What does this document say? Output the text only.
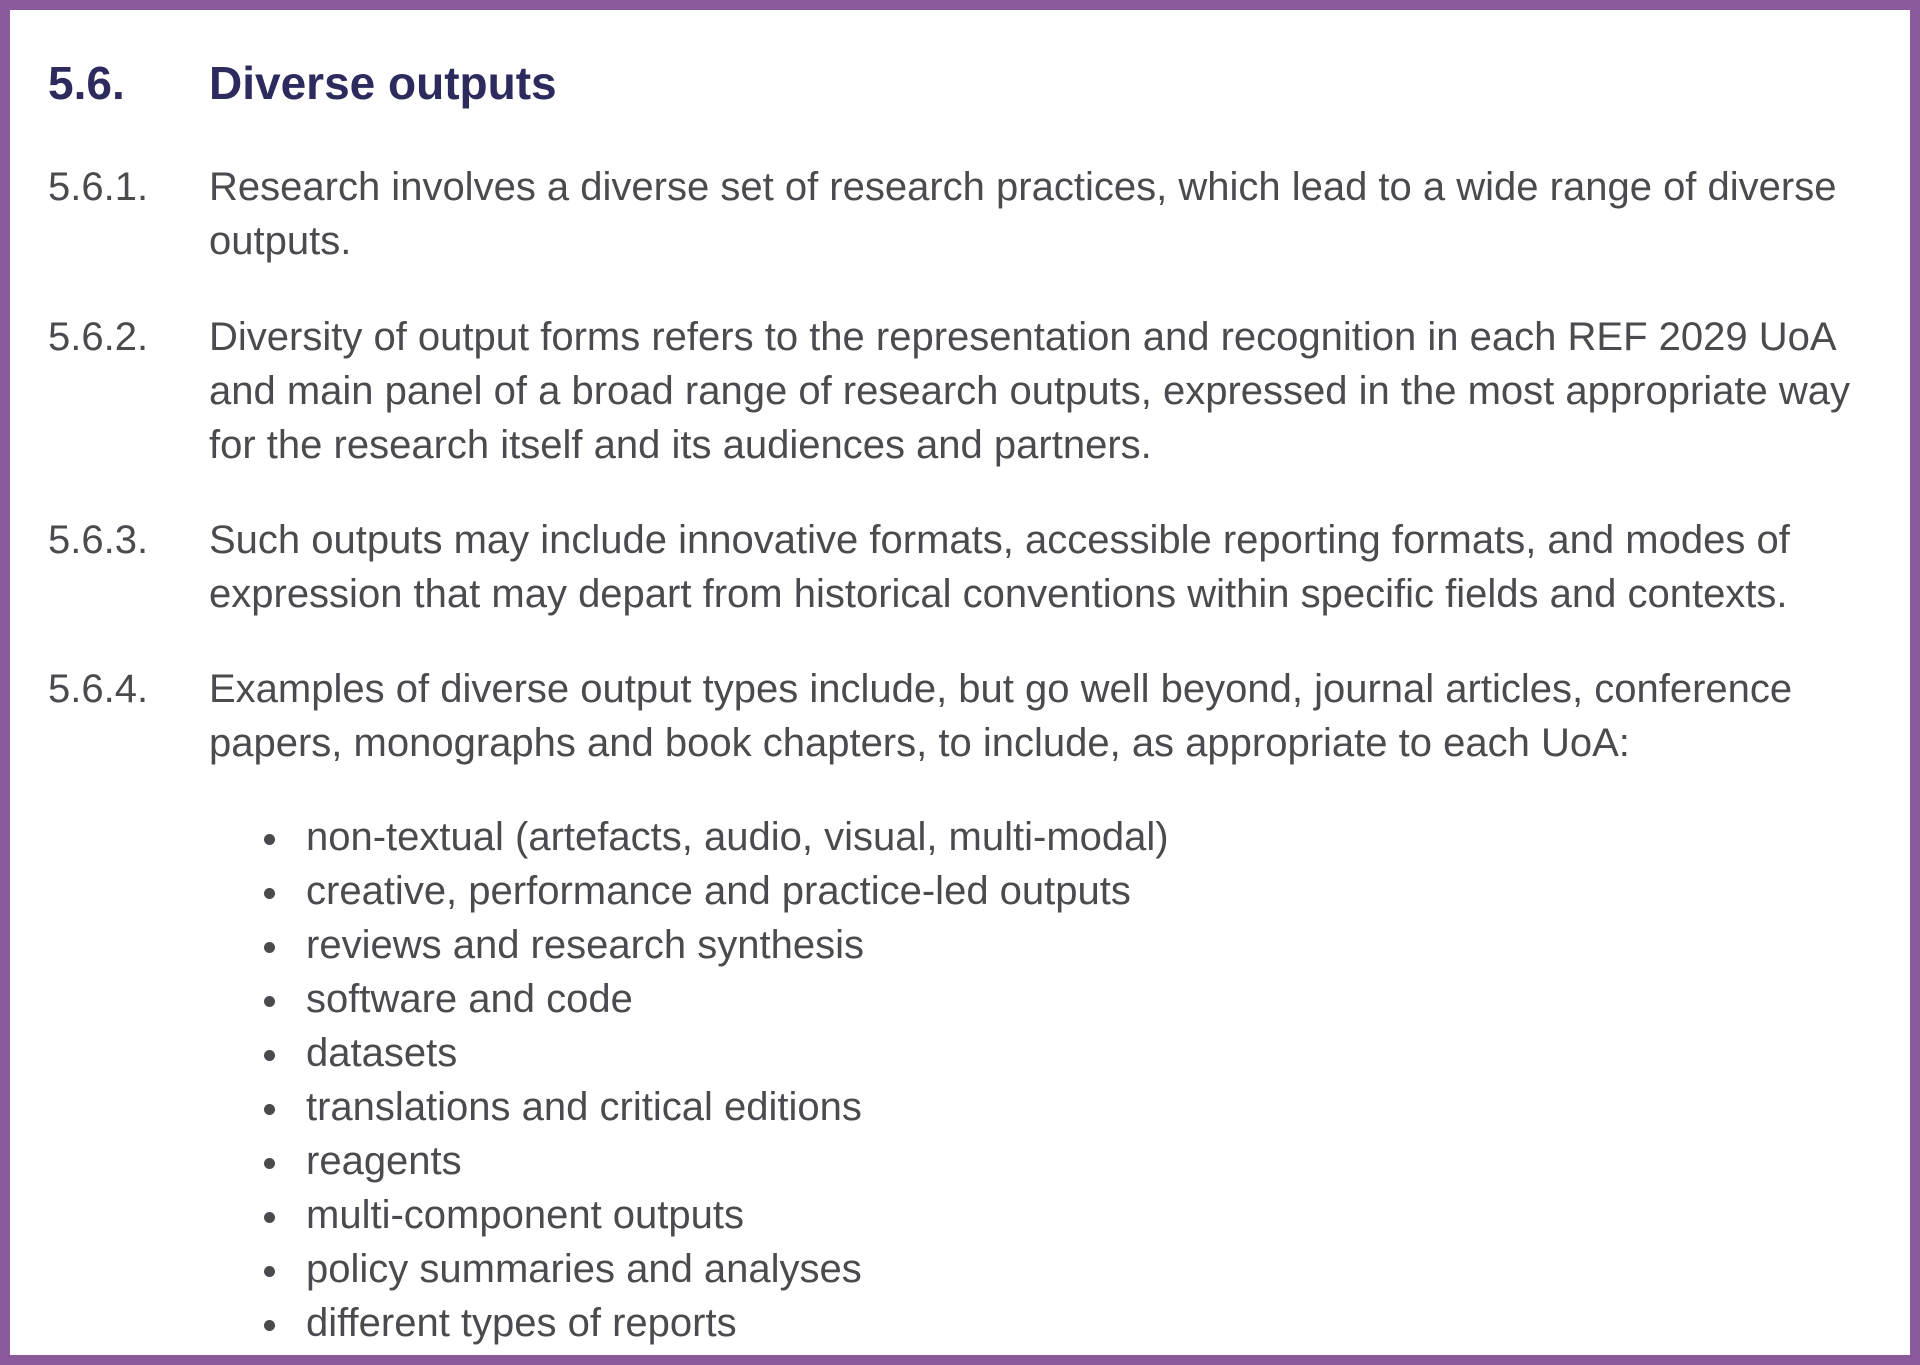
5.6.	Diverse outputs
5.6.1.	Research involves a diverse set of research practices, which lead to a wide range of diverse outputs.
5.6.2.	Diversity of output forms refers to the representation and recognition in each REF 2029 UoA and main panel of a broad range of research outputs, expressed in the most appropriate way for the research itself and its audiences and partners.
5.6.3.	Such outputs may include innovative formats, accessible reporting formats, and modes of expression that may depart from historical conventions within specific fields and contexts.
5.6.4.	Examples of diverse output types include, but go well beyond, journal articles, conference papers, monographs and book chapters, to include, as appropriate to each UoA:
non-textual (artefacts, audio, visual, multi-modal)
creative, performance and practice-led outputs
reviews and research synthesis
software and code
datasets
translations and critical editions
reagents
multi-component outputs
policy summaries and analyses
different types of reports
